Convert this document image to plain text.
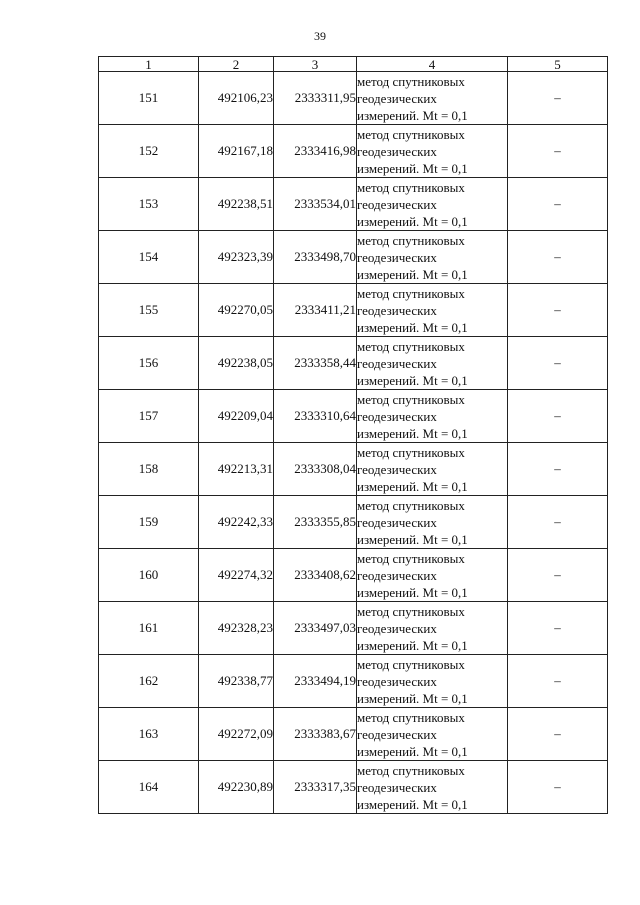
39
1	2	3	4	5
151	492106,23	2333311,95	метод спутниковых
геодезических
измерений. Mt = 0,1	–
152	492167,18	2333416,98	метод спутниковых
геодезических
измерений. Mt = 0,1	–
153	492238,51	2333534,01	метод спутниковых
геодезических
измерений. Mt = 0,1	–
154	492323,39	2333498,70	метод спутниковых
геодезических
измерений. Mt = 0,1	–
155	492270,05	2333411,21	метод спутниковых
геодезических
измерений. Mt = 0,1	–
156	492238,05	2333358,44	метод спутниковых
геодезических
измерений. Mt = 0,1	–
157	492209,04	2333310,64	метод спутниковых
геодезических
измерений. Mt = 0,1	–
158	492213,31	2333308,04	метод спутниковых
геодезических
измерений. Mt = 0,1	–
159	492242,33	2333355,85	метод спутниковых
геодезических
измерений. Mt = 0,1	–
160	492274,32	2333408,62	метод спутниковых
геодезических
измерений. Mt = 0,1	–
161	492328,23	2333497,03	метод спутниковых
геодезических
измерений. Mt = 0,1	–
162	492338,77	2333494,19	метод спутниковых
геодезических
измерений. Mt = 0,1	–
163	492272,09	2333383,67	метод спутниковых
геодезических
измерений. Mt = 0,1	–
164	492230,89	2333317,35	метод спутниковых
геодезических
измерений. Mt = 0,1	–
